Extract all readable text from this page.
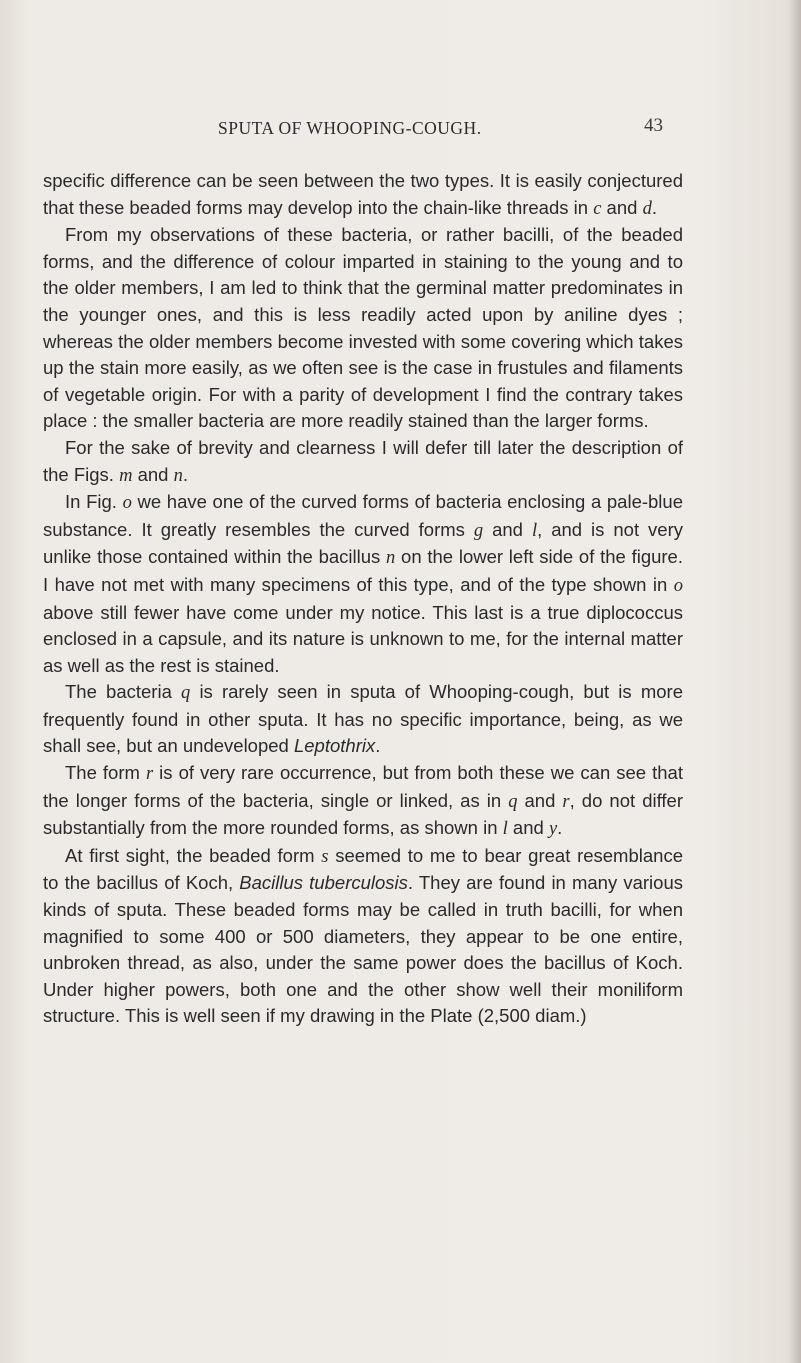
SPUTA OF WHOOPING-COUGH.	43

specific difference can be seen between the two types. It is easily conjectured that these beaded forms may develop into the chain-like threads in c and d.

From my observations of these bacteria, or rather bacilli, of the beaded forms, and the difference of colour imparted in staining to the young and to the older members, I am led to think that the germinal matter predominates in the younger ones, and this is less readily acted upon by aniline dyes ; whereas the older members become invested with some covering which takes up the stain more easily, as we often see is the case in frustules and filaments of vegetable origin. For with a parity of development I find the contrary takes place : the smaller bacteria are more readily stained than the larger forms.

For the sake of brevity and clearness I will defer till later the description of the Figs. m and n.

In Fig. o we have one of the curved forms of bacteria enclosing a pale-blue substance. It greatly resembles the curved forms g and l, and is not very unlike those contained within the bacillus n on the lower left side of the figure. I have not met with many specimens of this type, and of the type shown in o above still fewer have come under my notice. This last is a true diplococcus enclosed in a capsule, and its nature is unknown to me, for the internal matter as well as the rest is stained.

The bacteria q is rarely seen in sputa of Whooping-cough, but is more frequently found in other sputa. It has no specific importance, being, as we shall see, but an undeveloped Leptothrix.

The form r is of very rare occurrence, but from both these we can see that the longer forms of the bacteria, single or linked, as in q and r, do not differ substantially from the more rounded forms, as shown in l and y.

At first sight, the beaded form s seemed to me to bear great resemblance to the bacillus of Koch, Bacillus tuberculosis. They are found in many various kinds of sputa. These beaded forms may be called in truth bacilli, for when magnified to some 400 or 500 diameters, they appear to be one entire, unbroken thread, as also, under the same power does the bacillus of Koch. Under higher powers, both one and the other show well their moniliform structure. This is well seen if my drawing in the Plate (2,500 diam.)
